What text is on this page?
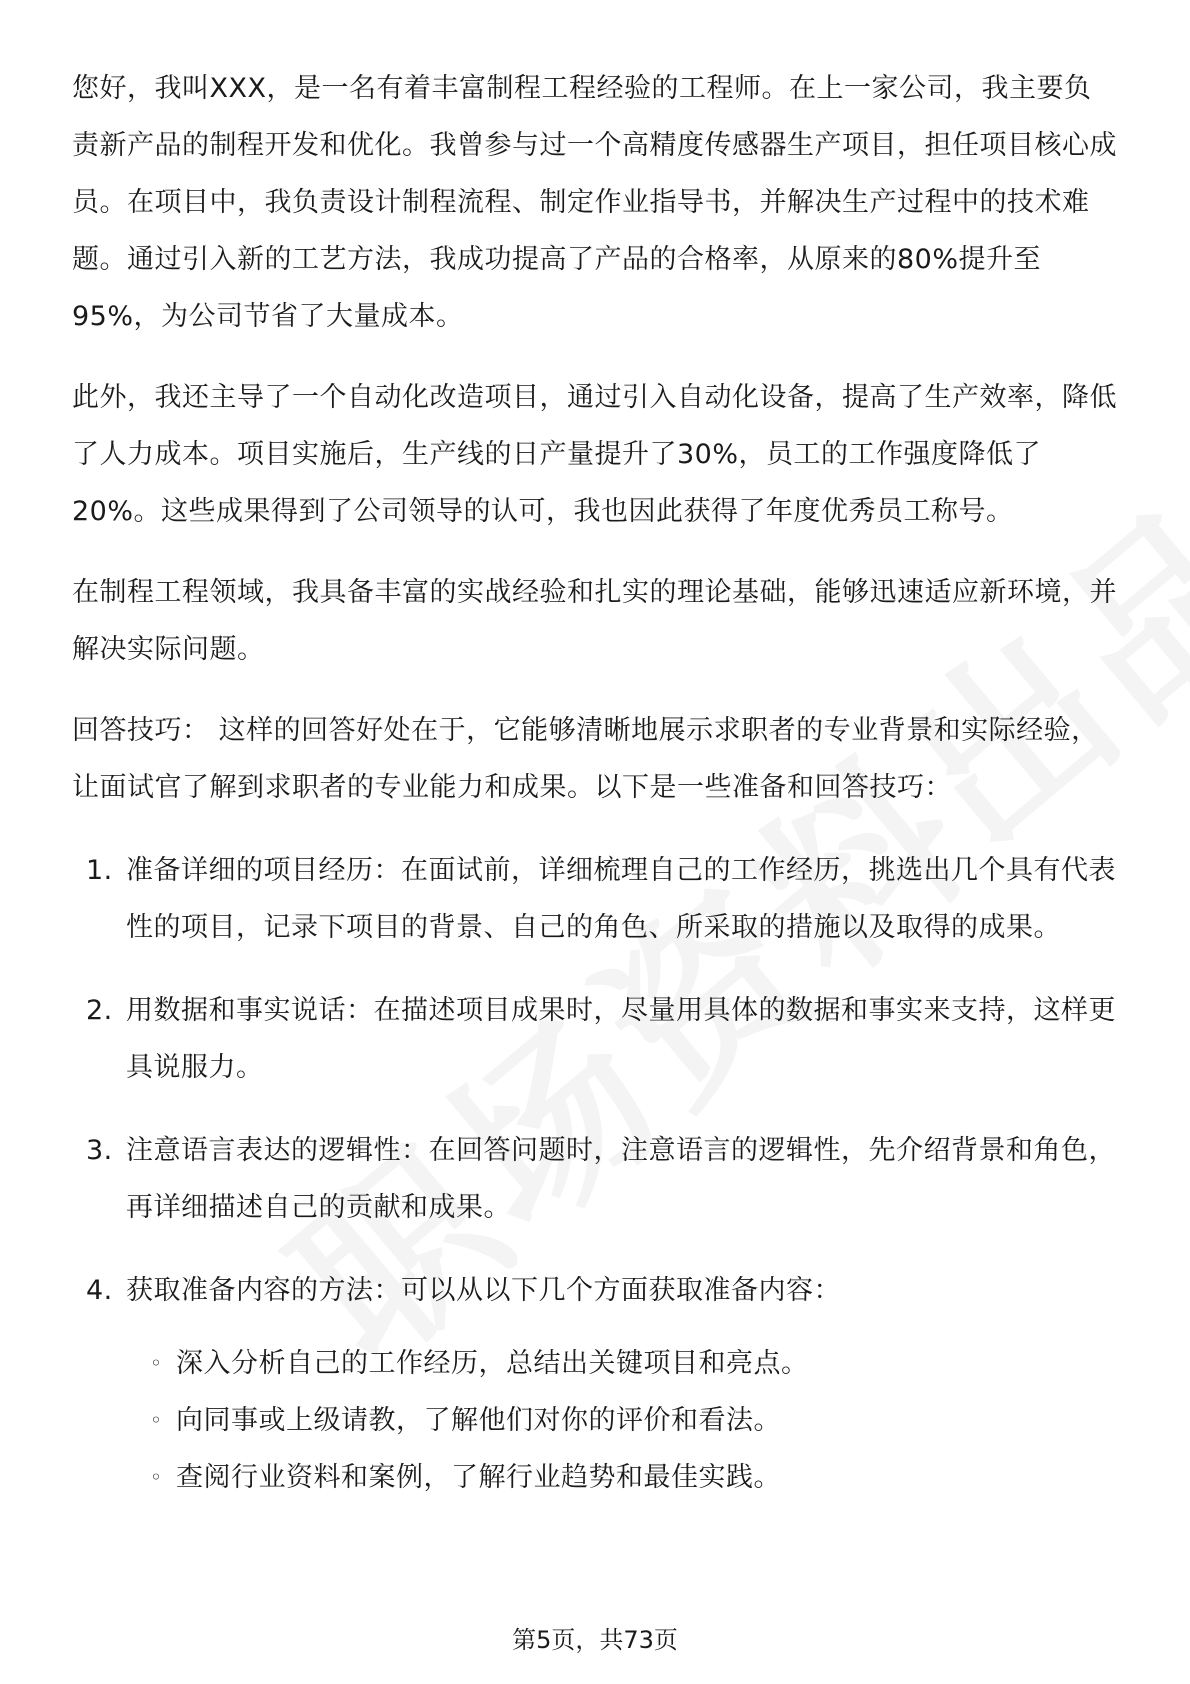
您好，我叫XXX，是一名有着丰富制程工程经验的工程师。在上一家公司，我主要负责新产品的制程开发和优化。我曾参与过一个高精度传感器生产项目，担任项目核心成员。在项目中，我负责设计制程流程、制定作业指导书，并解决生产过程中的技术难题。通过引入新的工艺方法，我成功提高了产品的合格率，从原来的80%提升至95%，为公司节省了大量成本。

此外，我还主导了一个自动化改造项目，通过引入自动化设备，提高了生产效率，降低了人力成本。项目实施后，生产线的日产量提升了30%，员工的工作强度降低了20%。这些成果得到了公司领导的认可，我也因此获得了年度优秀员工称号。

在制程工程领域，我具备丰富的实战经验和扎实的理论基础，能够迅速适应新环境，并解决实际问题。

回答技巧： 这样的回答好处在于，它能够清晰地展示求职者的专业背景和实际经验，让面试官了解到求职者的专业能力和成果。以下是一些准备和回答技巧：

1. 准备详细的项目经历：在面试前，详细梳理自己的工作经历，挑选出几个具有代表性的项目，记录下项目的背景、自己的角色、所采取的措施以及取得的成果。
2. 用数据和事实说话：在描述项目成果时，尽量用具体的数据和事实来支持，这样更具说服力。
3. 注意语言表达的逻辑性：在回答问题时，注意语言的逻辑性，先介绍背景和角色，再详细描述自己的贡献和成果。
4. 获取准备内容的方法：可以从以下几个方面获取准备内容：
◦ 深入分析自己的工作经历，总结出关键项目和亮点。
◦ 向同事或上级请教，了解他们对你的评价和看法。
◦ 查阅行业资料和案例，了解行业趋势和最佳实践。
第5页，共73页
